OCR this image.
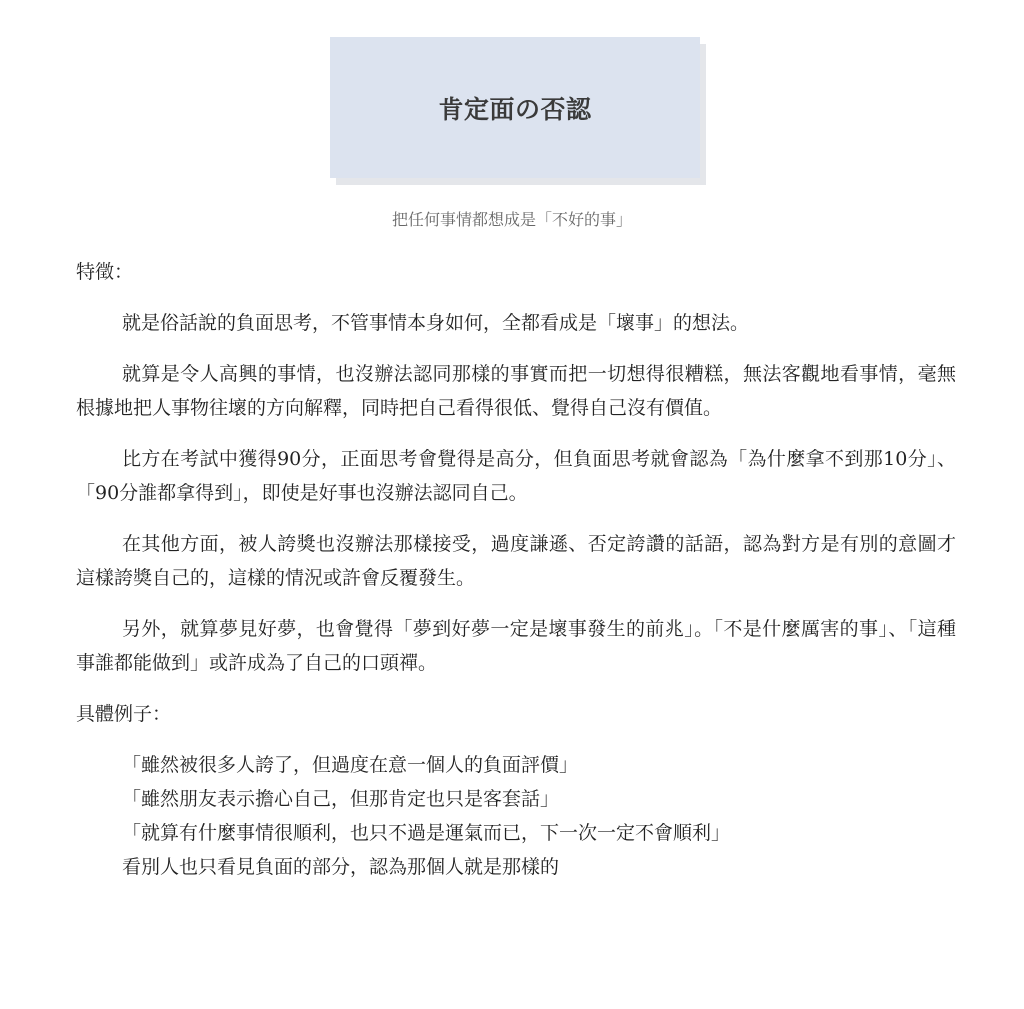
肯定面の否認
把任何事情都想成是「不好的事」
特徵：

就是俗話說的負面思考，不管事情本身如何，全都看成是「壞事」的想法。

就算是令人高興的事情，也沒辦法認同那樣的事實而把一切想得很糟糕，無法客觀地看事情，毫無根據地把人事物往壞的方向解釋，同時把自己看得很低、覺得自己沒有價值。

比方在考試中獲得90分，正面思考會覺得是高分，但負面思考就會認為「為什麼拿不到那10分」、「90分誰都拿得到」，即使是好事也沒辦法認同自己。

在其他方面，被人誇獎也沒辦法那樣接受，過度謙遜、否定誇讚的話語，認為對方是有別的意圖才這樣誇獎自己的，這樣的情況或許會反覆發生。

另外，就算夢見好夢，也會覺得「夢到好夢一定是壞事發生的前兆」。「不是什麼厲害的事」、「這種事誰都能做到」或許成為了自己的口頭禪。

具體例子：
「雖然被很多人誇了，但過度在意一個人的負面評價」
「雖然朋友表示擔心自己，但那肯定也只是客套話」
「就算有什麼事情很順利，也只不過是運氣而已，下一次一定不會順利」
看別人也只看見負面的部分，認為那個人就是那樣的
